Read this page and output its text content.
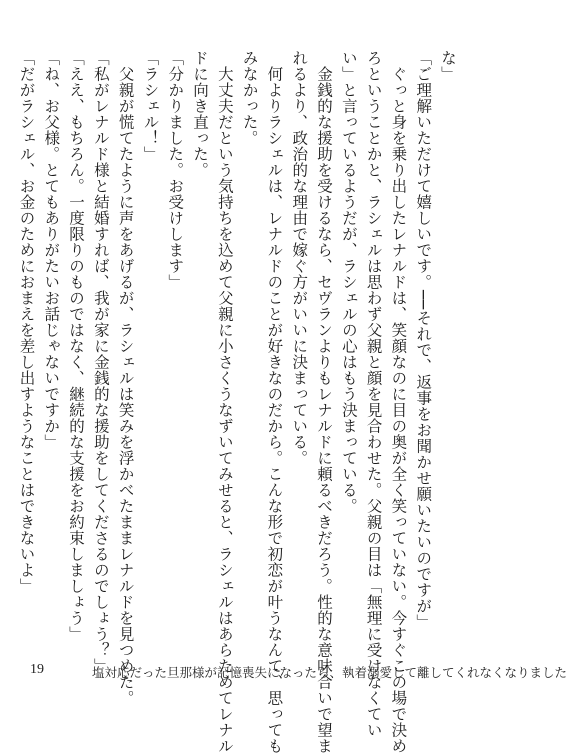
な」
「ご理解いただけて嬉しいです。──それで、返事をお聞かせ願いたいのですが」
　ぐっと身を乗り出したレナルドは、笑顔なのに目の奥が全く笑っていない。今すぐこの場で決め
ろということかと、ラシェルは思わず父親と顔を見合わせた。父親の目は「無理に受けなくてい
い」と言っているようだが、ラシェルの心はもう決まっている。
　金銭的な援助を受けるなら、セヴランよりもレナルドに頼るべきだろう。性的な意味合いで望ま
れるより、政治的な理由で嫁ぐ方がいいに決まっている。
　何よりラシェルは、レナルドのことが好きなのだから。こんな形で初恋が叶うなんて、思っても
みなかった。
　大丈夫だという気持ちを込めて父親に小さくうなずいてみせると、ラシェルはあらためてレナル
ドに向き直った。
「分かりました。お受けします」
「ラシェル！」
　父親が慌てたように声をあげるが、ラシェルは笑みを浮かべたままレナルドを見つめた。
「私がレナルド様と結婚すれば、我が家に金銭的な援助をしてくださるのでしょう？」
「ええ、もちろん。一度限りのものではなく、継続的な支援をお約束しましょう」
「ね、お父様。とてもありがたいお話じゃないですか」
「だがラシェル、お金のためにおまえを差し出すようなことはできないよ」
19	塩対応だった旦那様が記憶喪失になったら、執着溺愛して離してくれなくなりました
